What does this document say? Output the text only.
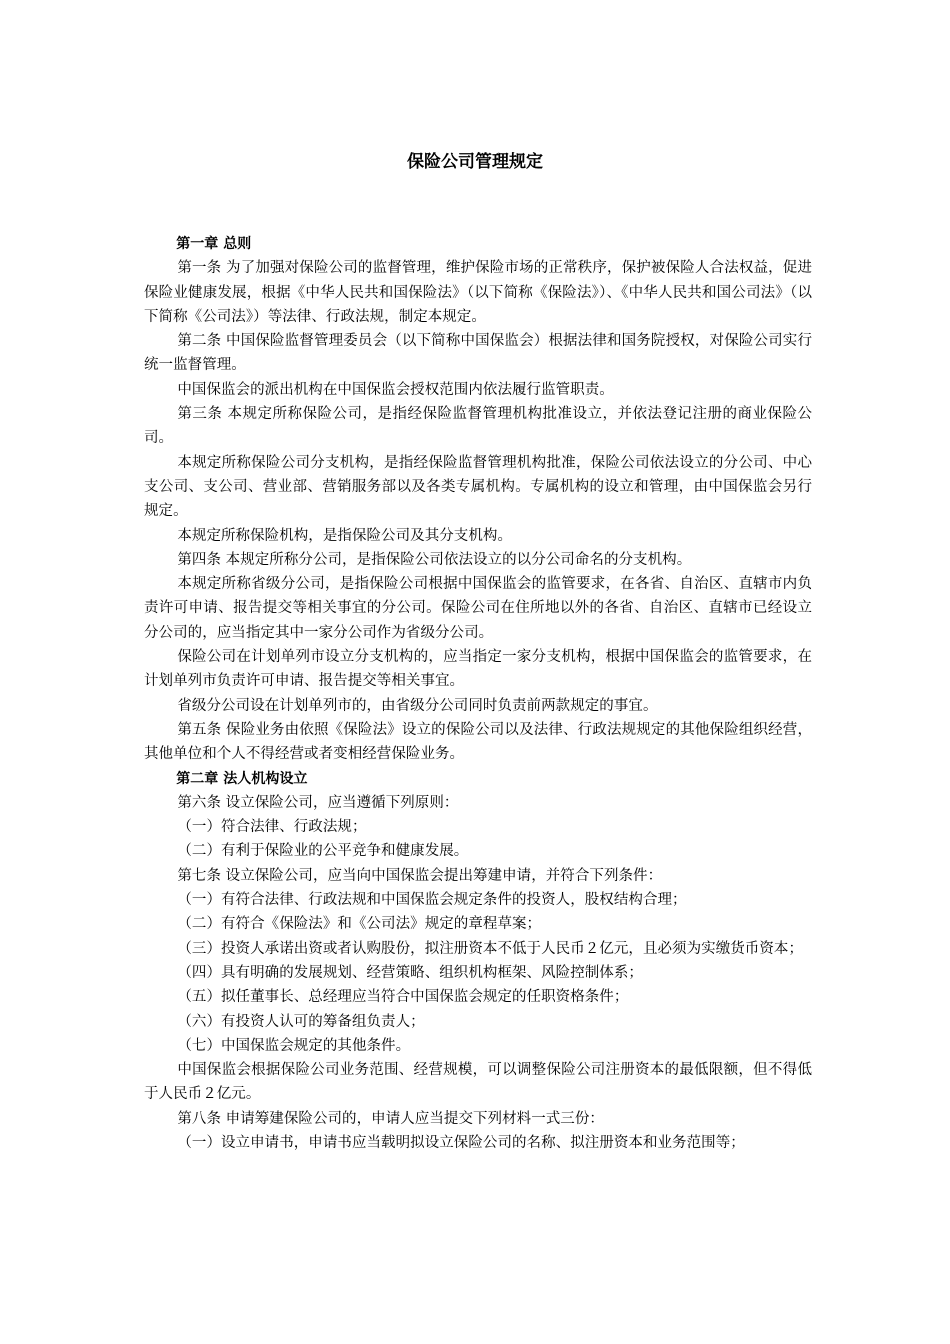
保险公司管理规定

第一章 总则

第一条 为了加强对保险公司的监督管理，维护保险市场的正常秩序，保护被保险人合法权益，促进保险业健康发展，根据《中华人民共和国保险法》（以下简称《保险法》）、《中华人民共和国公司法》（以下简称《公司法》）等法律、行政法规，制定本规定。

第二条 中国保险监督管理委员会（以下简称中国保监会）根据法律和国务院授权，对保险公司实行统一监督管理。

中国保监会的派出机构在中国保监会授权范围内依法履行监管职责。

第三条 本规定所称保险公司，是指经保险监督管理机构批准设立，并依法登记注册的商业保险公司。

本规定所称保险公司分支机构，是指经保险监督管理机构批准，保险公司依法设立的分公司、中心支公司、支公司、营业部、营销服务部以及各类专属机构。专属机构的设立和管理，由中国保监会另行规定。

本规定所称保险机构，是指保险公司及其分支机构。

第四条 本规定所称分公司，是指保险公司依法设立的以分公司命名的分支机构。

本规定所称省级分公司，是指保险公司根据中国保监会的监管要求，在各省、自治区、直辖市内负责许可申请、报告提交等相关事宜的分公司。保险公司在住所地以外的各省、自治区、直辖市已经设立分公司的，应当指定其中一家分公司作为省级分公司。

保险公司在计划单列市设立分支机构的，应当指定一家分支机构，根据中国保监会的监管要求，在计划单列市负责许可申请、报告提交等相关事宜。

省级分公司设在计划单列市的，由省级分公司同时负责前两款规定的事宜。

第五条 保险业务由依照《保险法》设立的保险公司以及法律、行政法规规定的其他保险组织经营，其他单位和个人不得经营或者变相经营保险业务。

第二章 法人机构设立

第六条 设立保险公司，应当遵循下列原则：

（一）符合法律、行政法规；

（二）有利于保险业的公平竞争和健康发展。

第七条 设立保险公司，应当向中国保监会提出筹建申请，并符合下列条件：

（一）有符合法律、行政法规和中国保监会规定条件的投资人，股权结构合理；

（二）有符合《保险法》和《公司法》规定的章程草案；

（三）投资人承诺出资或者认购股份，拟注册资本不低于人民币２亿元，且必须为实缴货币资本；

（四）具有明确的发展规划、经营策略、组织机构框架、风险控制体系；

（五）拟任董事长、总经理应当符合中国保监会规定的任职资格条件；

（六）有投资人认可的筹备组负责人；

（七）中国保监会规定的其他条件。

中国保监会根据保险公司业务范围、经营规模，可以调整保险公司注册资本的最低限额，但不得低于人民币２亿元。

第八条 申请筹建保险公司的，申请人应当提交下列材料一式三份：

（一）设立申请书，申请书应当载明拟设立保险公司的名称、拟注册资本和业务范围等；
